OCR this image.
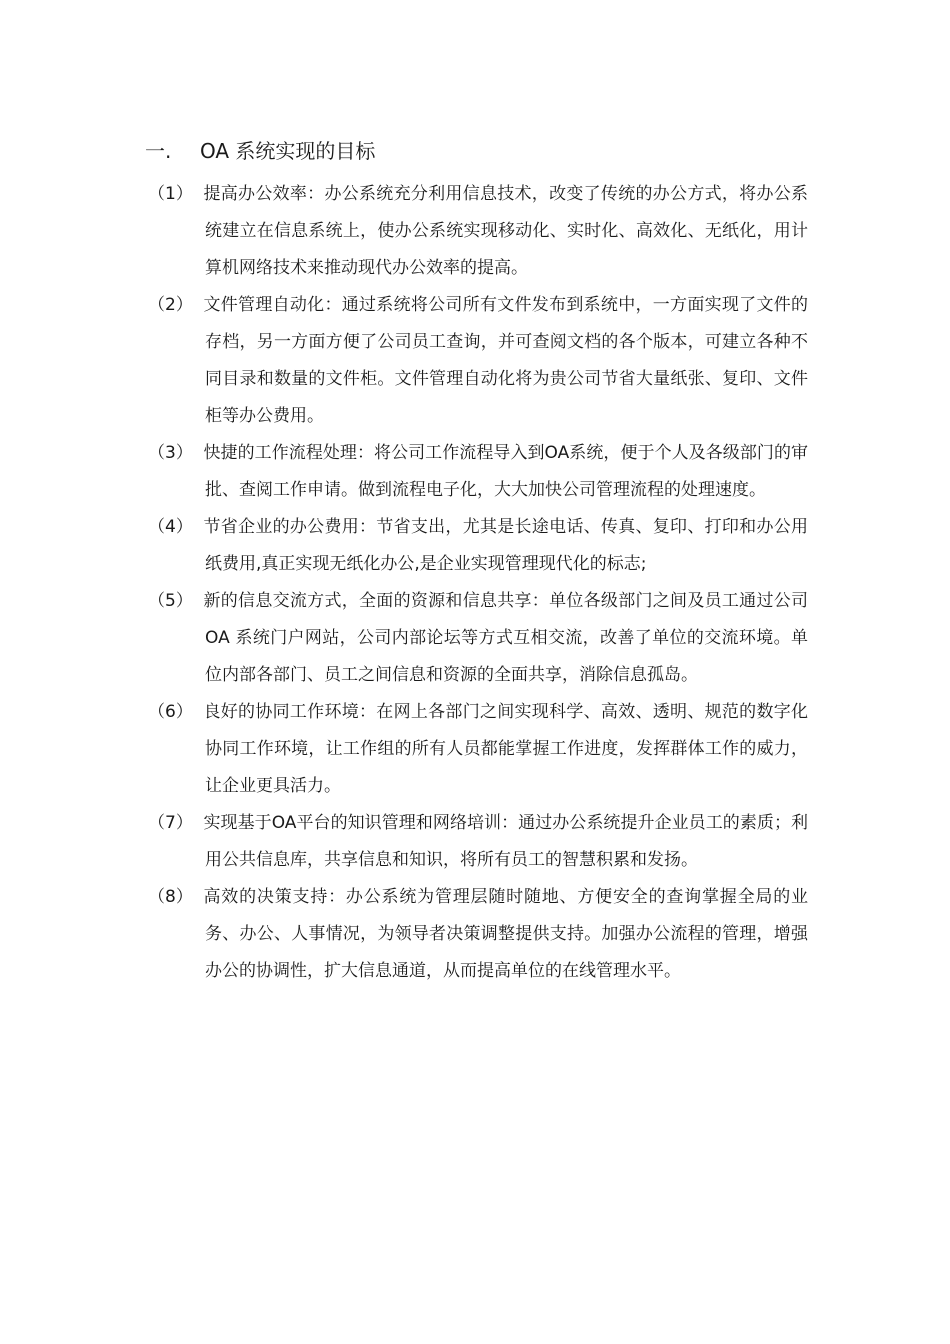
一. OA 系统实现的目标
（1） 提高办公效率：办公系统充分利用信息技术，改变了传统的办公方式，将办公系统建立在信息系统上，使办公系统实现移动化、实时化、高效化、无纸化，用计算机网络技术来推动现代办公效率的提高。
（2） 文件管理自动化：通过系统将公司所有文件发布到系统中，一方面实现了文件的存档，另一方面方便了公司员工查询，并可查阅文档的各个版本，可建立各种不同目录和数量的文件柜。文件管理自动化将为贵公司节省大量纸张、复印、文件柜等办公费用。
（3） 快捷的工作流程处理：将公司工作流程导入到OA系统，便于个人及各级部门的审批、查阅工作申请。做到流程电子化，大大加快公司管理流程的处理速度。
（4） 节省企业的办公费用：节省支出，尤其是长途电话、传真、复印、打印和办公用纸费用,真正实现无纸化办公,是企业实现管理现代化的标志;
（5） 新的信息交流方式，全面的资源和信息共享：单位各级部门之间及员工通过公司 OA 系统门户网站，公司内部论坛等方式互相交流，改善了单位的交流环境。单位内部各部门、员工之间信息和资源的全面共享，消除信息孤岛。
（6） 良好的协同工作环境：在网上各部门之间实现科学、高效、透明、规范的数字化协同工作环境，让工作组的所有人员都能掌握工作进度，发挥群体工作的威力，让企业更具活力。
（7） 实现基于OA平台的知识管理和网络培训：通过办公系统提升企业员工的素质；利用公共信息库，共享信息和知识，将所有员工的智慧积累和发扬。
（8） 高效的决策支持：办公系统为管理层随时随地、方便安全的查询掌握全局的业务、办公、人事情况，为领导者决策调整提供支持。加强办公流程的管理，增强办公的协调性，扩大信息通道，从而提高单位的在线管理水平。
